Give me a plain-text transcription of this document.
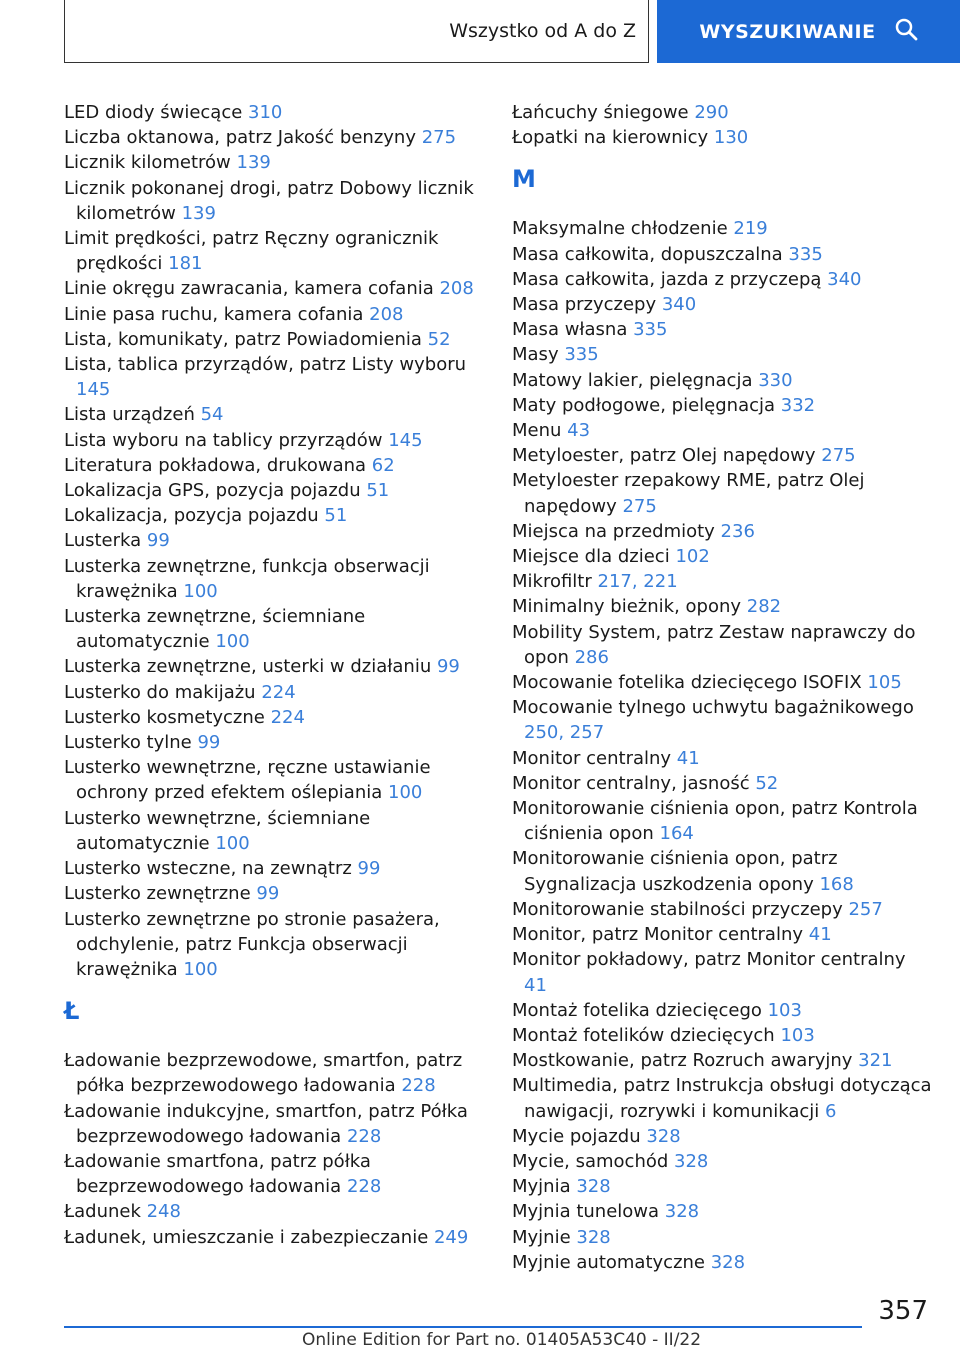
Wszystko od A do Z	WYSZUKIWANIE
LED diody świecące 310
Liczba oktanowa, patrz Jakość benzyny 275
Licznik kilometrów 139
Licznik pokonanej drogi, patrz Dobowy licznik kilometrów 139
Limit prędkości, patrz Ręczny ogranicznik prędkości 181
Linie okręgu zawracania, kamera cofania 208
Linie pasa ruchu, kamera cofania 208
Lista, komunikaty, patrz Powiadomienia 52
Lista, tablica przyrządów, patrz Listy wyboru 145
Lista urządzeń 54
Lista wyboru na tablicy przyrządów 145
Literatura pokładowa, drukowana 62
Lokalizacja GPS, pozycja pojazdu 51
Lokalizacja, pozycja pojazdu 51
Lusterka 99
Lusterka zewnętrzne, funkcja obserwacji krawężnika 100
Lusterka zewnętrzne, ściemniane automatycznie 100
Lusterka zewnętrzne, usterki w działaniu 99
Lusterko do makijażu 224
Lusterko kosmetyczne 224
Lusterko tylne 99
Lusterko wewnętrzne, ręczne ustawianie ochrony przed efektem oślepiania 100
Lusterko wewnętrzne, ściemniane automatycznie 100
Lusterko wsteczne, na zewnątrz 99
Lusterko zewnętrzne 99
Lusterko zewnętrzne po stronie pasażera, odchylenie, patrz Funkcja obserwacji krawężnika 100
Ł
Ładowanie bezprzewodowe, smartfon, patrz półka bezprzewodowego ładowania 228
Ładowanie indukcyjne, smartfon, patrz Półka bezprzewodowego ładowania 228
Ładowanie smartfona, patrz półka bezprzewodowego ładowania 228
Ładunek 248
Ładunek, umieszczanie i zabezpieczanie 249
Łańcuchy śniegowe 290
Łopatki na kierownicy 130
M
Maksymalne chłodzenie 219
Masa całkowita, dopuszczalna 335
Masa całkowita, jazda z przyczepą 340
Masa przyczepy 340
Masa własna 335
Masy 335
Matowy lakier, pielęgnacja 330
Maty podłogowe, pielęgnacja 332
Menu 43
Metyloester, patrz Olej napędowy 275
Metyloester rzepakowy RME, patrz Olej napędowy 275
Miejsca na przedmioty 236
Miejsce dla dzieci 102
Mikrofiltr 217, 221
Minimalny bieżnik, opony 282
Mobility System, patrz Zestaw naprawczy do opon 286
Mocowanie fotelika dziecięcego ISOFIX 105
Mocowanie tylnego uchwytu bagażnikowego 250, 257
Monitor centralny 41
Monitor centralny, jasność 52
Monitorowanie ciśnienia opon, patrz Kontrola ciśnienia opon 164
Monitorowanie ciśnienia opon, patrz Sygnalizacja uszkodzenia opony 168
Monitorowanie stabilności przyczepy 257
Monitor, patrz Monitor centralny 41
Monitor pokładowy, patrz Monitor centralny 41
Montaż fotelika dziecięcego 103
Montaż fotelików dziecięcych 103
Mostkowanie, patrz Rozruch awaryjny 321
Multimedia, patrz Instrukcja obsługi dotycząca nawigacji, rozrywki i komunikacji 6
Mycie pojazdu 328
Mycie, samochód 328
Myjnia 328
Myjnia tunelowa 328
Myjnie 328
Myjnie automatyczne 328
357
Online Edition for Part no. 01405A53C40 - II/22
